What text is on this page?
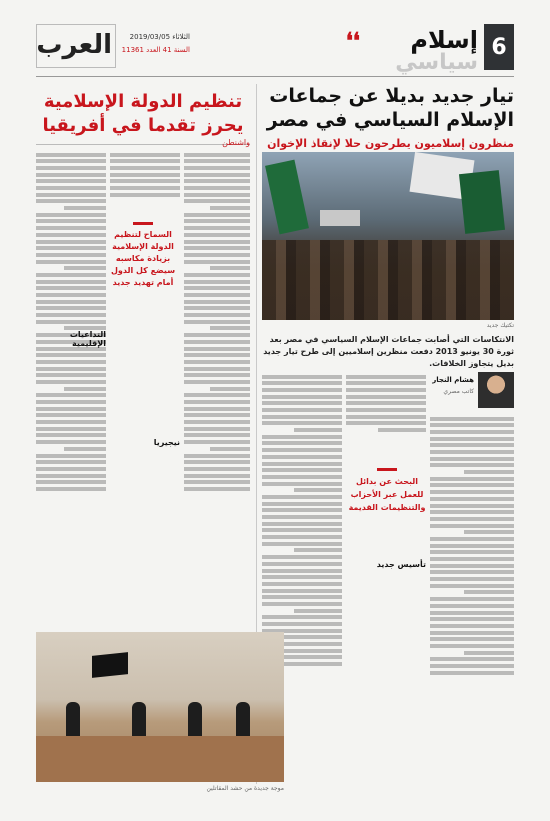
6
إسلام
سياسي
❛❛
العرب	الثلاثاء 2019/03/05
السنة 41 العدد 11361
تيار جديد بديلا عن جماعات الإسلام السياسي في مصر
منظرون إسلاميون يطرحون حلا لإنقاذ الإخوان
تكتيك جديد
الانتكاسات التي أصابت جماعات الإسلام السياسي في مصر بعد ثورة 30 يونيو 2013 دفعت منظرين إسلاميين إلى طرح تيار جديد بديل يتجاوز الخلافات.
هشام النجار
كاتب مصري
البحث عن بدائل للعمل عبر الأحزاب والتنظيمات القديمة
تأسيس جديد
تنظيم الدولة الإسلامية يحرز تقدما في أفريقيا
السماح لتنظيم الدولة الإسلامية بزيادة مكاسبه سيضع كل الدول أمام تهديد جديد
التداعيات الإقليمية
نيجيريا
واشنطن
موجة جديدة من حشد المقاتلين
